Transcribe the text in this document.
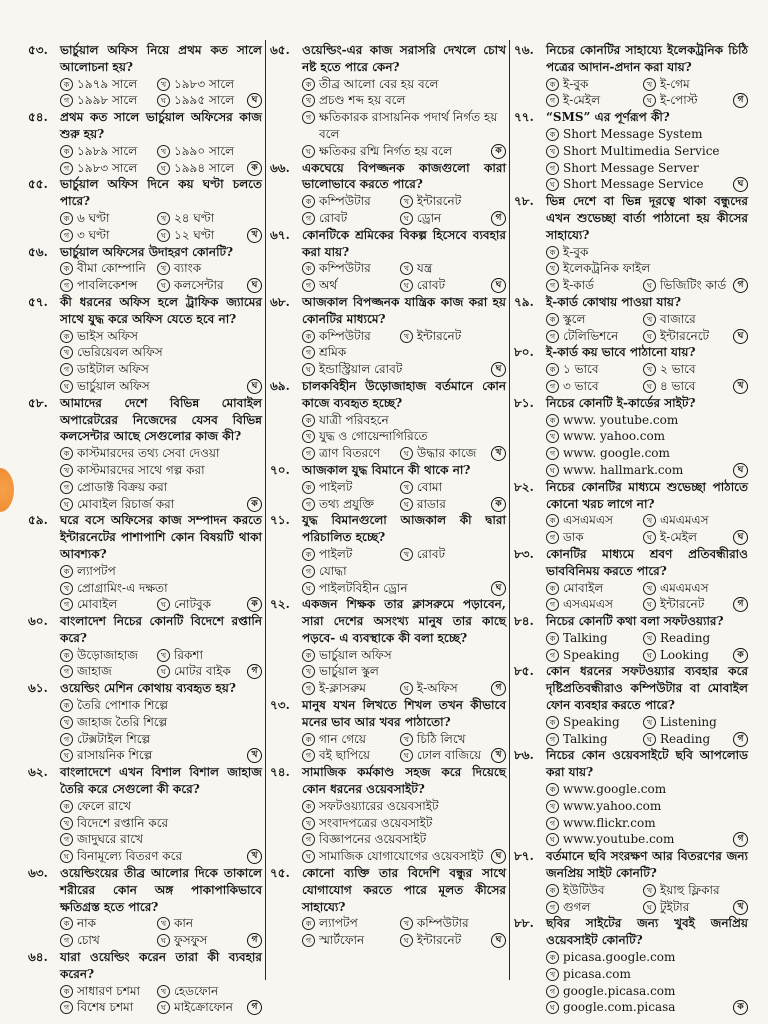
৫৩.	ভার্চুয়াল অফিস নিয়ে প্রথম কত সালে আলোচনা হয়?
ক ১৯৭৯ সালে	খ ১৯৮৩ সালে
গ ১৯৯৮ সালে	ঘ ১৯৯৫ সালে	ঘ
৫৪.	প্রথম কত সালে ভার্চুয়াল অফিসের কাজ শুরু হয়?
ক ১৯৮৯ সালে	খ ১৯৯০ সালে
গ ১৯৮৩ সালে	ঘ ১৯৯৪ সালে	ক
৫৫.	ভার্চুয়াল অফিস দিনে কয় ঘণ্টা চলতে পারে?
ক ৬ ঘণ্টা	খ ২৪ ঘণ্টা
গ ৩ ঘণ্টা	ঘ ১২ ঘণ্টা	খ
৫৬.	ভার্চুয়াল অফিসের উদাহরণ কোনটি?
ক বীমা কোম্পানি	খ ব্যাংক
গ পাবলিকেশন্স	ঘ কলসেন্টার	ঘ
৫৭.	কী ধরনের অফিস হলে ট্রাফিক জ্যামের সাথে যুদ্ধ করে অফিস যেতে হবে না?
ক ভাইস অফিস
খ ভেরিয়েবল অফিস
গ ডাইটাল অফিস
ঘ ভার্চুয়াল অফিস	ঘ
৫৮.	আমাদের দেশে বিভিন্ন মোবাইল অপারেটরের নিজেদের যেসব বিভিন্ন কলসেন্টার আছে সেগুলোর কাজ কী?
ক কাস্টমারদের তথ্য সেবা দেওয়া
খ কাস্টমারদের সাথে গল্প করা
গ প্রোডাক্ট বিক্রয় করা
ঘ মোবাইল রিচার্জ করা	ক
৫৯.	ঘরে বসে অফিসের কাজ সম্পাদন করতে ইন্টারনেটের পাশাপাশি কোন বিষয়টি থাকা আবশ্যক?
ক ল্যাপটপ
খ প্রোগ্রামিং-এ দক্ষতা
গ মোবাইল	ঘ নোটবুক	ক
৬০.	বাংলাদেশ নিচের কোনটি বিদেশে রপ্তানি করে?
ক উড়োজাহাজ	খ রিকশা
গ জাহাজ	ঘ মোটর বাইক	গ
৬১.	ওয়েল্ডিং মেশিন কোথায় ব্যবহৃত হয়?
ক তৈরি পোশাক শিল্পে
খ জাহাজ তৈরি শিল্পে
গ টেক্সটাইল শিল্পে
ঘ রাসায়নিক শিল্পে	খ
৬২.	বাংলাদেশে এখন বিশাল বিশাল জাহাজ তৈরি করে সেগুলো কী করে?
ক ফেলে রাখে
খ বিদেশে রপ্তানি করে
গ জাদুঘরে রাখে
ঘ বিনামূল্যে বিতরণ করে	খ
৬৩.	ওয়েল্ডিংয়ের তীব্র আলোর দিকে তাকালে শরীরের কোন অঙ্গ পাকাপাকিভাবে ক্ষতিগ্রস্ত হতে পারে?
ক নাক	খ কান
গ চোখ	ঘ ফুসফুস	গ
৬৪.	যারা ওয়েল্ডিং করেন তারা কী ব্যবহার করেন?
ক সাধারণ চশমা	খ হেডফোন
গ বিশেষ চশমা	ঘ মাইক্রোফোন	গ
৬৫.	ওয়েল্ডিং-এর কাজ সরাসরি দেখলে চোখ নষ্ট হতে পারে কেন?
ক তীব্র আলো বের হয় বলে
খ প্রচণ্ড শব্দ হয় বলে
গ ক্ষতিকারক রাসায়নিক পদার্থ নির্গত হয় বলে
ঘ ক্ষতিকর রশ্মি নির্গত হয় বলে	ক
৬৬.	একঘেয়ে বিপজ্জনক কাজগুলো কারা ভালোভাবে করতে পারে?
ক কম্পিউটার	খ ইন্টারনেট
গ রোবট	ঘ ড্রোন	গ
৬৭.	কোনটিকে শ্রমিকের বিকল্প হিসেবে ব্যবহার করা যায়?
ক কম্পিউটার	খ যন্ত্র
গ অর্থ	ঘ রোবট	ঘ
৬৮.	আজকাল বিপজ্জনক যান্ত্রিক কাজ করা হয় কোনটির মাধ্যমে?
ক কম্পিউটার	খ ইন্টারনেট
গ শ্রমিক
ঘ ইন্ডাস্ট্রিয়াল রোবট	ঘ
৬৯.	চালকবিহীন উড়োজাহাজ বর্তমানে কোন কাজে ব্যবহৃত হচ্ছে?
ক যাত্রী পরিবহনে
খ যুদ্ধ ও গোয়েন্দাগিরিতে
গ ত্রাণ বিতরণে	ঘ উদ্ধার কাজে	খ
৭০.	আজকাল যুদ্ধ বিমানে কী থাকে না?
ক পাইলট	খ বোমা
গ তথ্য প্রযুক্তি	ঘ রাডার	ক
৭১.	যুদ্ধ বিমানগুলো আজকাল কী দ্বারা পরিচালিত হচ্ছে?
ক পাইলট	খ রোবট
গ যোদ্ধা
ঘ পাইলটবিহীন ড্রোন	ঘ
৭২.	একজন শিক্ষক তার ক্লাসরুমে পড়াবেন, সারা দেশের অসংখ্য মানুষ তার কাছে পড়বে- এ ব্যবস্থাকে কী বলা হচ্ছে?
ক ভার্চুয়াল অফিস
খ ভার্চুয়াল স্কুল
গ ই-ক্লাসরুম	ঘ ই-অফিস	গ
৭৩.	মানুষ যখন লিখতে শিখল তখন কীভাবে মনের ভাব আর খবর পাঠাতো?
ক গান গেয়ে	খ চিঠি লিখে
গ বই ছাপিয়ে	ঘ ঢোল বাজিয়ে	খ
৭৪.	সামাজিক কর্মকাণ্ড সহজ করে দিয়েছে কোন ধরনের ওয়েবসাইট?
ক সফটওয়্যারের ওয়েবসাইট
খ সংবাদপত্রের ওয়েবসাইট
গ বিজ্ঞাপনের ওয়েবসাইট
ঘ সামাজিক যোগাযোগের ওয়েবসাইট	ঘ
৭৫.	কোনো ব্যক্তি তার বিদেশি বন্ধুর সাথে যোগাযোগ করতে পারে মূলত কীসের সাহায্যে?
ক ল্যাপটপ	খ কম্পিউটার
গ স্মার্টফোন	ঘ ইন্টারনেট	ঘ
৭৬.	নিচের কোনটির সাহায্যে ইলেকট্রনিক চিঠি পত্রের আদান-প্রদান করা যায়?
ক ই-বুক	খ ই-গেম
গ ই-মেইল	ঘ ই-পোস্ট	গ
৭৭.	“SMS” এর পূর্ণরূপ কী?
ক Short Message System
খ Short Multimedia Service
গ Short Message Server
ঘ Short Message Service	ঘ
৭৮.	ভিন্ন দেশে বা ভিন্ন দূরত্বে থাকা বন্ধুদের এখন শুভেচ্ছা বার্তা পাঠানো হয় কীসের সাহায্যে?
ক ই-বুক
খ ইলেকট্রনিক ফাইল
গ ই-কার্ড	ঘ ভিজিটিং কার্ড	গ
৭৯.	ই-কার্ড কোথায় পাওয়া যায়?
ক স্কুলে	খ বাজারে
গ টেলিভিশনে	ঘ ইন্টারনেটে	ঘ
৮০.	ই-কার্ড কয় ভাবে পাঠানো যায়?
ক ১ ভাবে	খ ২ ভাবে
গ ৩ ভাবে	ঘ ৪ ভাবে	খ
৮১.	নিচের কোনটি ই-কার্ডের সাইট?
ক www. youtube.com
খ www. yahoo.com
গ www. google.com
ঘ www. hallmark.com	ঘ
৮২.	নিচের কোনটির মাধ্যমে শুভেচ্ছা পাঠাতে কোনো খরচ লাগে না?
ক এসএমএস	খ এমএমএস
গ ডাক	ঘ ই-মেইল	ঘ
৮৩.	কোনটির মাধ্যমে শ্রবণ প্রতিবন্ধীরাও ভাববিনিময় করতে পারে?
ক মোবাইল	খ এমএমএস
গ এসএমএস	ঘ ইন্টারনেট	গ
৮৪.	নিচের কোনটি কথা বলা সফটওয়্যার?
ক Talking	খ Reading
গ Speaking	ঘ Looking	ক
৮৫.	কোন ধরনের সফটওয়্যার ব্যবহার করে দৃষ্টিপ্রতিবন্ধীরাও কম্পিউটার বা মোবাইল ফোন ব্যবহার করতে পারে?
ক Speaking	খ Listening
গ Talking	ঘ Reading	গ
৮৬.	নিচের কোন ওয়েবসাইটে ছবি আপলোড করা যায়?
ক www.google.com
খ www.yahoo.com
গ www.flickr.com
ঘ www.youtube.com	গ
৮৭.	বর্তমানে ছবি সংরক্ষণ আর বিতরণের জন্য জনপ্রিয় সাইট কোনটি?
ক ইউটিউব	খ ইয়াহু ফ্লিকার
গ গুগল	ঘ টুইটার	খ
৮৮.	ছবির সাইটের জন্য খুবই জনপ্রিয় ওয়েবসাইট কোনটি?
ক picasa.google.com
খ picasa.com
গ google.picasa.com
ঘ google.com.picasa	ক
